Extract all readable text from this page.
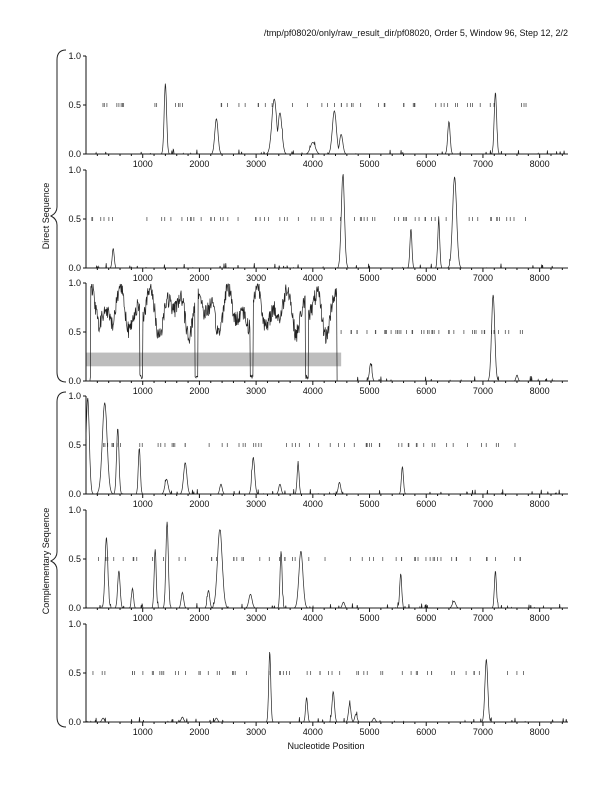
/tmp/pf08020/only/raw_result_dir/pf08020, Order 5, Window 96, Step 12, 2/2
Direct Sequence
Complementary Sequence
0.0
0.5
1.0
1000	2000	3000	4000	5000	6000	7000	8000
0.0
0.5
1.0
1000	2000	3000	4000	5000	6000	7000	8000
0.0
0.5
1.0
1000	2000	3000	4000	5000	6000	7000	8000
0.0
0.5
1.0
1000	2000	3000	4000	5000	6000	7000	8000
0.0
0.5
1.0
1000	2000	3000	4000	5000	6000	7000	8000
0.0
0.5
1.0
1000	2000	3000	4000	5000	6000	7000	8000
Nucleotide Position
